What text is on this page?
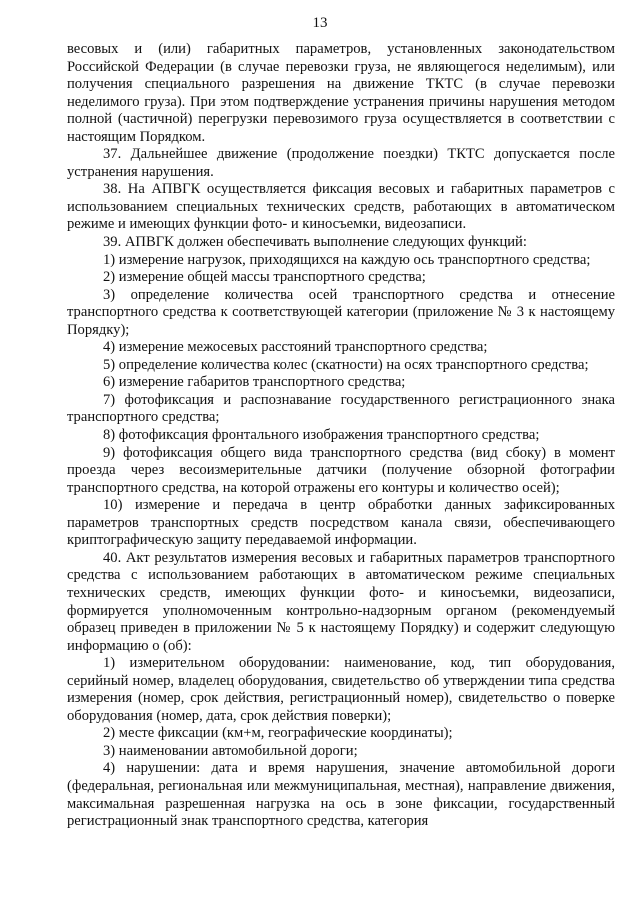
13

весовых и (или) габаритных параметров, установленных законодательством Российской Федерации (в случае перевозки груза, не являющегося неделимым), или получения специального разрешения на движение ТКТС (в случае перевозки неделимого груза). При этом подтверждение устранения причины нарушения методом полной (частичной) перегрузки перевозимого груза осуществляется в соответствии с настоящим Порядком.

37. Дальнейшее движение (продолжение поездки) ТКТС допускается после устранения нарушения.

38. На АПВГК осуществляется фиксация весовых и габаритных параметров с использованием специальных технических средств, работающих в автоматическом режиме и имеющих функции фото- и киносъемки, видеозаписи.

39. АПВГК должен обеспечивать выполнение следующих функций:

1) измерение нагрузок, приходящихся на каждую ось транспортного средства;

2) измерение общей массы транспортного средства;

3) определение количества осей транспортного средства и отнесение транспортного средства к соответствующей категории (приложение № 3 к настоящему Порядку);

4) измерение межосевых расстояний транспортного средства;

5) определение количества колес (скатности) на осях транспортного средства;

6) измерение габаритов транспортного средства;

7) фотофиксация и распознавание государственного регистрационного знака транспортного средства;

8) фотофиксация фронтального изображения транспортного средства;

9) фотофиксация общего вида транспортного средства (вид сбоку) в момент проезда через весоизмерительные датчики (получение обзорной фотографии транспортного средства, на которой отражены его контуры и количество осей);

10) измерение и передача в центр обработки данных зафиксированных параметров транспортных средств посредством канала связи, обеспечивающего криптографическую защиту передаваемой информации.

40. Акт результатов измерения весовых и габаритных параметров транспортного средства с использованием работающих в автоматическом режиме специальных технических средств, имеющих функции фото- и киносъемки, видеозаписи, формируется уполномоченным контрольно-надзорным органом (рекомендуемый образец приведен в приложении № 5 к настоящему Порядку) и содержит следующую информацию о (об):

1) измерительном оборудовании: наименование, код, тип оборудования, серийный номер, владелец оборудования, свидетельство об утверждении типа средства измерения (номер, срок действия, регистрационный номер), свидетельство о поверке оборудования (номер, дата, срок действия поверки);

2) месте фиксации (км+м, географические координаты);

3) наименовании автомобильной дороги;

4) нарушении: дата и время нарушения, значение автомобильной дороги (федеральная, региональная или межмуниципальная, местная), направление движения, максимальная разрешенная нагрузка на ось в зоне фиксации, государственный регистрационный знак транспортного средства, категория
